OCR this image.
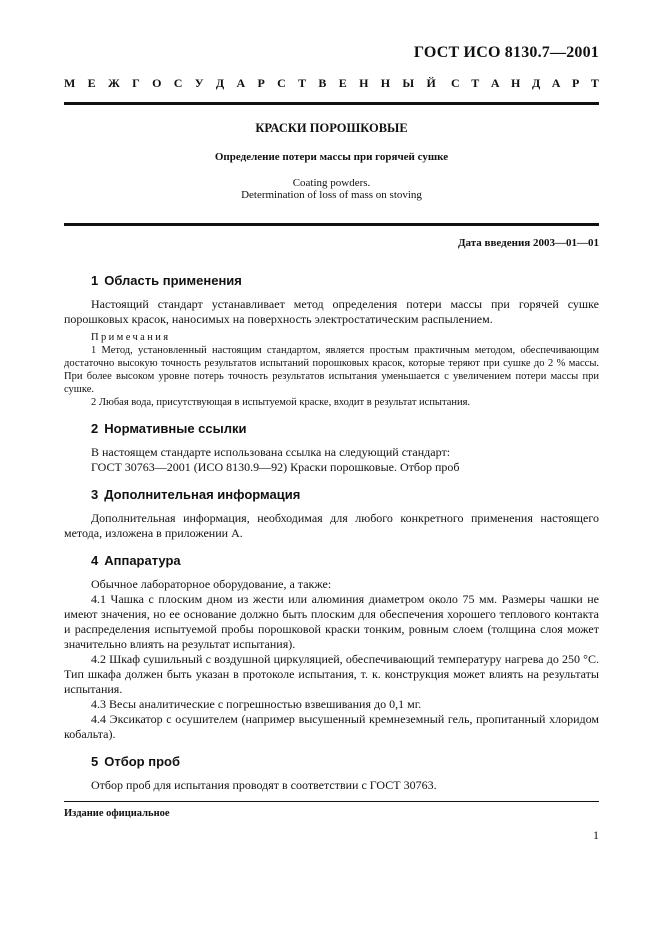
ГОСТ ИСО 8130.7—2001
М Е Ж Г О С У Д А Р С Т В Е Н Н Ы Й С Т А Н Д А Р Т
КРАСКИ ПОРОШКОВЫЕ
Определение потери массы при горячей сушке
Coating powders.
Determination of loss of mass on stoving
Дата введения 2003—01—01
1 Область применения

Настоящий стандарт устанавливает метод определения потери массы при горячей сушке порошковых красок, наносимых на поверхность электростатическим распылением.

Примечания

1 Метод, установленный настоящим стандартом, является простым практичным методом, обеспечивающим достаточно высокую точность результатов испытаний порошковых красок, которые теряют при сушке до 2 % массы. При более высоком уровне потерь точность результатов испытания уменьшается с увеличением потери массы при сушке.

2 Любая вода, присутствующая в испытуемой краске, входит в результат испытания.

2 Нормативные ссылки

В настоящем стандарте использована ссылка на следующий стандарт:

ГОСТ 30763—2001 (ИСО 8130.9—92) Краски порошковые. Отбор проб

3 Дополнительная информация

Дополнительная информация, необходимая для любого конкретного применения настоящего метода, изложена в приложении А.

4 Аппаратура

Обычное лабораторное оборудование, а также:

4.1 Чашка с плоским дном из жести или алюминия диаметром около 75 мм. Размеры чашки не имеют значения, но ее основание должно быть плоским для обеспечения хорошего теплового контакта и распределения испытуемой пробы порошковой краски тонким, ровным слоем (толщина слоя может значительно влиять на результат испытания).

4.2 Шкаф сушильный с воздушной циркуляцией, обеспечивающий температуру нагрева до 250 °С. Тип шкафа должен быть указан в протоколе испытания, т. к. конструкция может влиять на результаты испытания.

4.3 Весы аналитические с погрешностью взвешивания до 0,1 мг.

4.4 Эксикатор с осушителем (например высушенный кремнеземный гель, пропитанный хлоридом кобальта).

5 Отбор проб

Отбор проб для испытания проводят в соответствии с ГОСТ 30763.

Издание официальное
1
